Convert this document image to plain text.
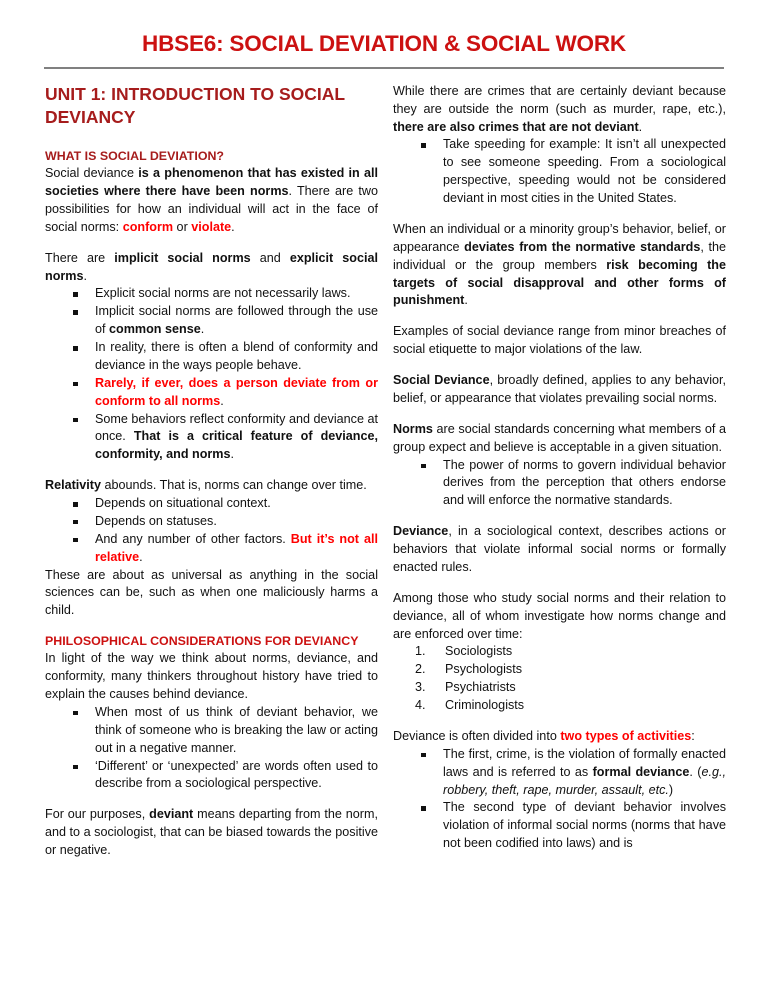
HBSE6: SOCIAL DEVIATION & SOCIAL WORK
UNIT 1: INTRODUCTION TO SOCIAL DEVIANCY
WHAT IS SOCIAL DEVIATION?

Social deviance is a phenomenon that has existed in all societies where there have been norms. There are two possibilities for how an individual will act in the face of social norms: conform or violate.

There are implicit social norms and explicit social norms.

Explicit social norms are not necessarily laws.
Implicit social norms are followed through the use of common sense.
In reality, there is often a blend of conformity and deviance in the ways people behave.
Rarely, if ever, does a person deviate from or conform to all norms.
Some behaviors reflect conformity and deviance at once. That is a critical feature of deviance, conformity, and norms.

Relativity abounds. That is, norms can change over time.

Depends on situational context.
Depends on statuses.
And any number of other factors. But it’s not all relative.

These are about as universal as anything in the social sciences can be, such as when one maliciously harms a child.

PHILOSOPHICAL CONSIDERATIONS FOR DEVIANCY

In light of the way we think about norms, deviance, and conformity, many thinkers throughout history have tried to explain the causes behind deviance.

When most of us think of deviant behavior, we think of someone who is breaking the law or acting out in a negative manner.
‘Different’ or ‘unexpected’ are words often used to describe from a sociological perspective.

For our purposes, deviant means departing from the norm, and to a sociologist, that can be biased towards the positive or negative.

While there are crimes that are certainly deviant because they are outside the norm (such as murder, rape, etc.), there are also crimes that are not deviant.

Take speeding for example: It isn’t all unexpected to see someone speeding. From a sociological perspective, speeding would not be considered deviant in most cities in the United States.

When an individual or a minority group’s behavior, belief, or appearance deviates from the normative standards, the individual or the group members risk becoming the targets of social disapproval and other forms of punishment.

Examples of social deviance range from minor breaches of social etiquette to major violations of the law.

Social Deviance, broadly defined, applies to any behavior, belief, or appearance that violates prevailing social norms.

Norms are social standards concerning what members of a group expect and believe is acceptable in a given situation.

The power of norms to govern individual behavior derives from the perception that others endorse and will enforce the normative standards.

Deviance, in a sociological context, describes actions or behaviors that violate informal social norms or formally enacted rules.

Among those who study social norms and their relation to deviance, all of whom investigate how norms change and are enforced over time:

Sociologists
Psychologists
Psychiatrists
Criminologists

Deviance is often divided into two types of activities:

The first, crime, is the violation of formally enacted laws and is referred to as formal deviance. (e.g., robbery, theft, rape, murder, assault, etc.)
The second type of deviant behavior involves violation of informal social norms (norms that have not been codified into laws) and is
